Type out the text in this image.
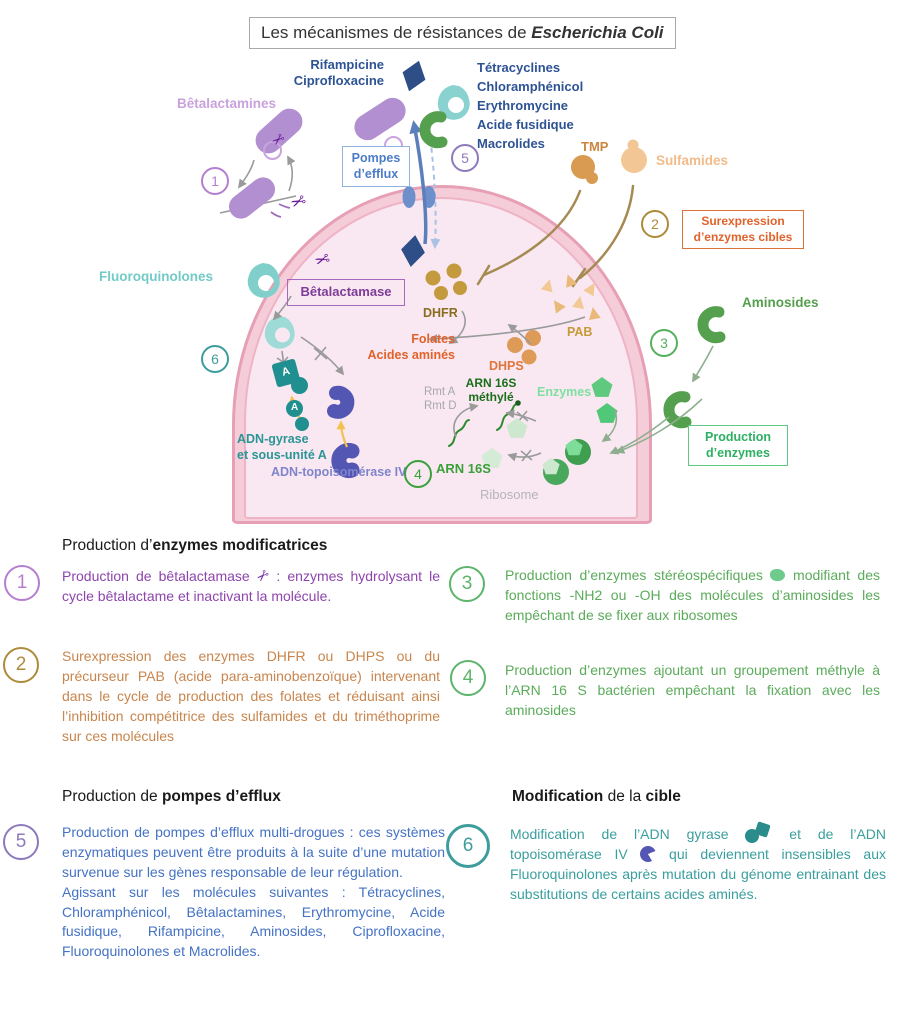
Les mécanismes de résistances de Escherichia Coli
✂
✂
✂
A
A
Rifampicine
Ciprofloxacine
Tétracyclines
Chloramphénicol
Erythromycine
Acide fusidique
Macrolides
Bêtalactamines
Pompes
d’efflux
TMP
Sulfamides
Surexpression
d’enzymes cibles
Bêtalactamase
Fluoroquinolones
DHFR
Folates
Acides aminés
PAB
DHPS
ARN 16S
méthylé
Rmt A
Rmt D
ARN 16S
Enzymes
Ribosome
Aminosides
Production
d’enzymes
ADN-gyrase
et sous-unité A
ADN-topoisomérase IV
1
2
3
4
5
6
Production d’enzymes modificatrices
1	Production de bêtalactamase ✂ : enzymes hydrolysant le cycle bêtalactame et inactivant la molécule.
2	Surexpression des enzymes DHFR ou DHPS ou du précurseur PAB (acide para-aminobenzoïque) intervenant dans le cycle de production des folates et réduisant ainsi l’inhibition compétitrice des sulfamides et du triméthoprime sur ces molécules
3	Production d’enzymes stéréospécifiques modifiant des fonctions -NH2 ou -OH des molécules d’aminosides les empêchant de se fixer aux ribosomes
4	Production d’enzymes ajoutant un groupement méthyle à l’ARN 16 S bactérien empêchant la fixation avec les aminosides
Production de pompes d’efflux
5	Production de pompes d’efflux multi-drogues : ces systèmes enzymatiques peuvent être produits à la suite d’une mutation survenue sur les gènes responsable de leur régulation.

Agissant sur les molécules suivantes : Tétracyclines, Chloramphénicol, Bêtalactamines, Erythromycine, Acide fusidique, Rifampicine, Aminosides, Ciprofloxacine, Fluoroquinolones et Macrolides.

Modification de la cible
6
Modification de l’ADN gyrase	et de l’ADN topoisomérase IV	qui deviennent insensibles aux Fluoroquinolones après mutation du génome entrainant des substitutions de certains acides aminés.
